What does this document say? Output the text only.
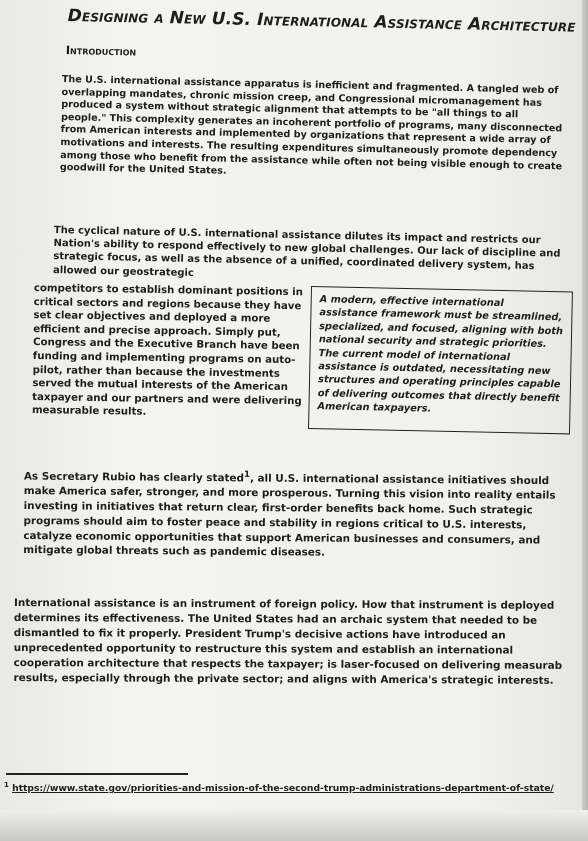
Designing a New U.S. International Assistance Architecture
Introduction
The U.S. international assistance apparatus is inefficient and fragmented. A tangled web of overlapping mandates, chronic mission creep, and Congressional micromanagement has produced a system without strategic alignment that attempts to be "all things to all people." This complexity generates an incoherent portfolio of programs, many disconnected from American interests and implemented by organizations that represent a wide array of motivations and interests. The resulting expenditures simultaneously promote dependency among those who benefit from the assistance while often not being visible enough to create goodwill for the United States.
The cyclical nature of U.S. international assistance dilutes its impact and restricts our Nation's ability to respond effectively to new global challenges. Our lack of discipline and strategic focus, as well as the absence of a unified, coordinated delivery system, has allowed our geostrategic
competitors to establish dominant positions in critical sectors and regions because they have set clear objectives and deployed a more efficient and precise approach. Simply put, Congress and the Executive Branch have been funding and implementing programs on auto-pilot, rather than because the investments served the mutual interests of the American taxpayer and our partners and were delivering measurable results.
A modern, effective international assistance framework must be streamlined, specialized, and focused, aligning with both national security and strategic priorities. The current model of international assistance is outdated, necessitating new structures and operating principles capable of delivering outcomes that directly benefit American taxpayers.
As Secretary Rubio has clearly stated$^1$, all U.S. international assistance initiatives should make America safer, stronger, and more prosperous. Turning this vision into reality entails investing in initiatives that return clear, first-order benefits back home. Such strategic programs should aim to foster peace and stability in regions critical to U.S. interests, catalyze economic opportunities that support American businesses and consumers, and mitigate global threats such as pandemic diseases.
International assistance is an instrument of foreign policy. How that instrument is deployed determines its effectiveness. The United States had an archaic system that needed to be dismantled to fix it properly. President Trump's decisive actions have introduced an unprecedented opportunity to restructure this system and establish an international cooperation architecture that respects the taxpayer; is laser-focused on delivering measurab results, especially through the private sector; and aligns with America's strategic interests.
$^1$ https://www.state.gov/priorities-and-mission-of-the-second-trump-administrations-department-of-state/
